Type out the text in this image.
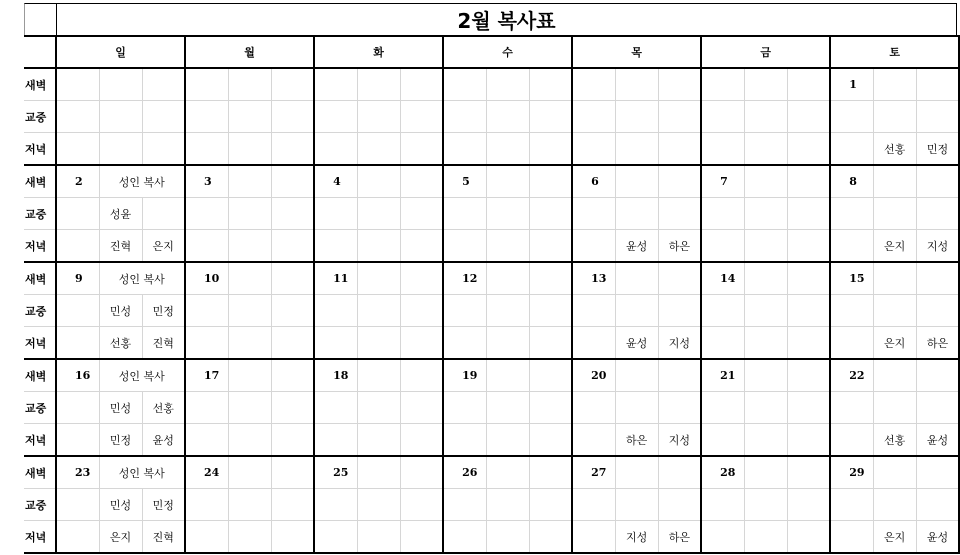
2월 복사표
	일			월			화			수			목			금			토		
새벽																			1		
교중																					
저녁																				선홍	민정
새벽	2	성인 복사		3			4			5			6			7			8		
교중		성윤																			
저녁		진혁	은지											윤성	하은					은지	지성
새벽	9	성인 복사		10			11			12			13			14			15		
교중		민성	민정																		
저녁		선홍	진혁											윤성	지성					은지	하은
새벽	16	성인 복사		17			18			19			20			21			22		
교중		민성	선홍																		
저녁		민정	윤성											하은	지성					선홍	윤성
새벽	23	성인 복사		24			25			26			27			28			29		
교중		민성	민정																		
저녁		은지	진혁											지성	하은					은지	윤성
